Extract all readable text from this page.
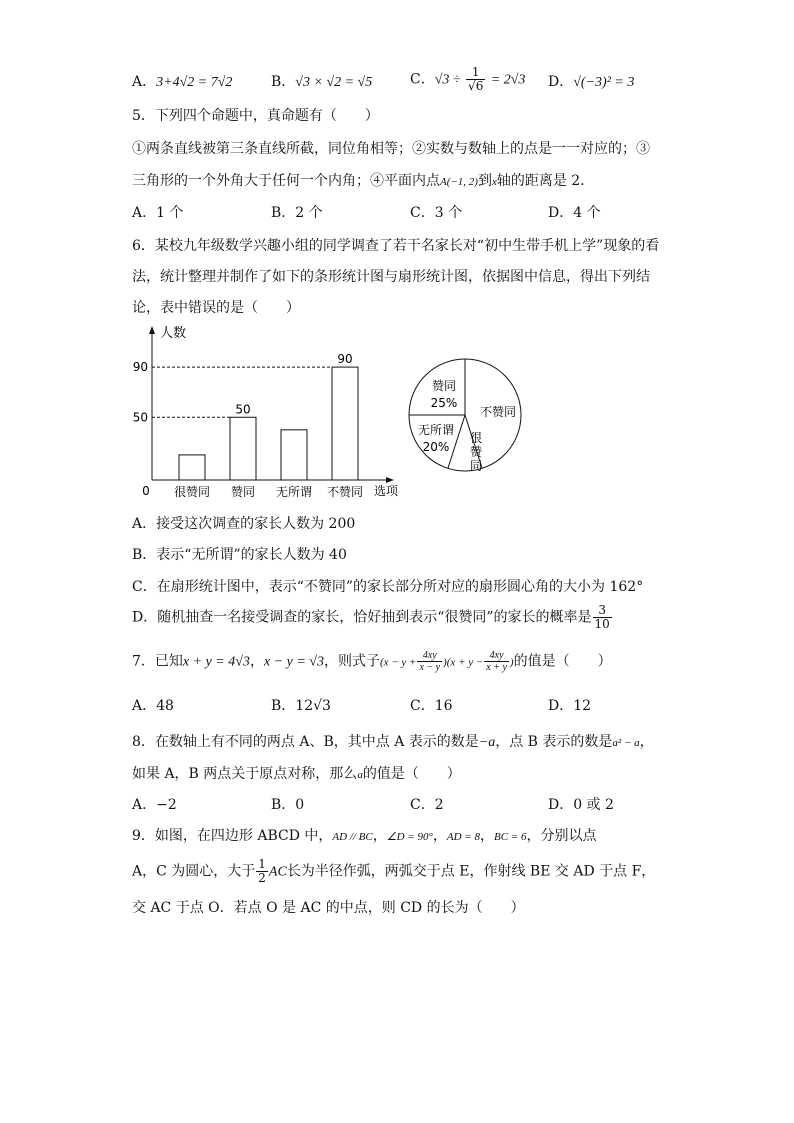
A．3+4√2 = 7√2	B．√3 × √2 = √5	C．$√3 \div \frac{1}{√6} = 2√3$ D．√(−3)² = 3
5．下列四个命题中，真命题有（　　）
①两条直线被第三条直线所截，同位角相等；②实数与数轴上的点是一一对应的；③
三角形的一个外角大于任何一个内角；④平面内点A(−1, 2)到x轴的距离是 2．
A．1 个	B．2 个	C．3 个	D．4 个
6．某校九年级数学兴趣小组的同学调查了若干名家长对“初中生带手机上学”现象的看
法，统计整理并制作了如下的条形统计图与扇形统计图，依据图中信息，得出下列结
论，表中错误的是（　　）
人数
选项
0
90
50
很赞同 赞同
50
无所谓 不赞同
90
不赞同
赞同
25%
无所谓
20%
很赞同
A．接受这次调查的家长人数为 200
B．表示“无所谓”的家长人数为 40
C．在扇形统计图中，表示“不赞同”的家长部分所对应的扇形圆心角的大小为 162°
D．随机抽查一名接受调查的家长，恰好抽到表示“很赞同”的家长的概率是 $\frac{3}{10}$
7．已知x + y = 4√3，x − y = √3，则式子$(x - y + \frac{4xy}{x - y} )(x + y - \frac{4xy}{x + y}$ )的值是（　　）
A．48	B．12√3	C．16	D．12
8．在数轴上有不同的两点 A、B，其中点 A 表示的数是−a，点 B 表示的数是a² − a，
如果 A，B 两点关于原点对称，那么a的值是（　　）
A．−2	B．0	C．2	D．0 或 2
9．如图，在四边形 ABCD 中，AD // BC，∠D = 90°，AD = 8，BC = 6，分别以点
A，C 为圆心，大于 $\frac{1}{2}$ AC长为半径作弧，两弧交于点 E，作射线 BE 交 AD 于点 F，
交 AC 于点 O．若点 O 是 AC 的中点，则 CD 的长为（　　）
